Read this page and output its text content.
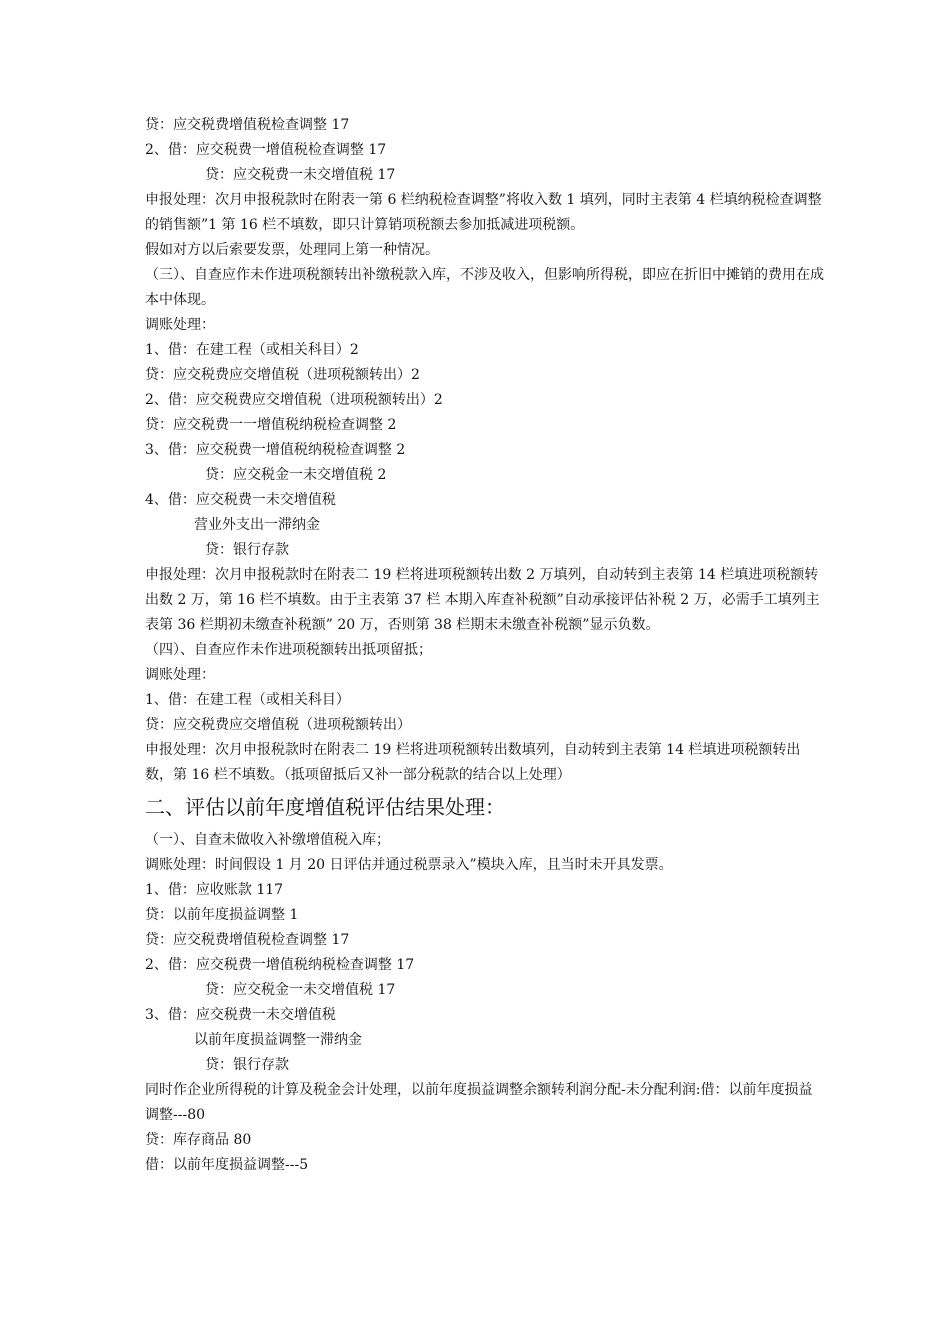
贷：应交税费增值税检查调整 17
2、借：应交税费一增值税检查调整 17
贷：应交税费一未交增值税 17
申报处理：次月申报税款时在附表一第 6 栏纳税检查调整”将收入数 1 填列，同时主表第 4 栏填纳税检查调整的销售额”1 第 16 栏不填数，即只计算销项税额去参加抵减进项税额。
假如对方以后索要发票，处理同上第一种情况。
（三）、自查应作未作进项税额转出补缴税款入库，不涉及收入，但影响所得税，即应在折旧中摊销的费用在成本中体现。
调账处理：
1、借：在建工程（或相关科目）2
贷：应交税费应交增值税（进项税额转出）2
2、借：应交税费应交增值税（进项税额转出）2
贷：应交税费一一增值税纳税检查调整 2
3、借：应交税费一增值税纳税检查调整 2
贷：应交税金一未交增值税 2
4、借：应交税费一未交增值税
营业外支出一滞纳金
贷：银行存款
申报处理：次月申报税款时在附表二 19 栏将进项税额转出数 2 万填列，自动转到主表第 14 栏填进项税额转出数 2 万，第 16 栏不填数。由于主表第 37 栏 本期入库查补税额”自动承接评估补税 2 万，必需手工填列主表第 36 栏期初未缴查补税额” 20 万，否则第 38 栏期末未缴查补税额”显示负数。
（四）、自查应作未作进项税额转出抵项留抵；
调账处理：
1、借：在建工程（或相关科目）
贷：应交税费应交增值税（进项税额转出）
申报处理：次月申报税款时在附表二 19 栏将进项税额转出数填列，自动转到主表第 14 栏填进项税额转出数，第 16 栏不填数。（抵项留抵后又补一部分税款的结合以上处理）
二、评估以前年度增值税评估结果处理：
（一）、自查未做收入补缴增值税入库；
调账处理：时间假设 1 月 20 日评估并通过税票录入”模块入库，且当时未开具发票。
1、借：应收账款 117
贷：以前年度损益调整 1
贷：应交税费增值税检查调整 17
2、借：应交税费一增值税纳税检查调整 17
贷：应交税金一未交增值税 17
3、借：应交税费一未交增值税
以前年度损益调整一滞纳金
贷：银行存款
同时作企业所得税的计算及税金会计处理，以前年度损益调整余额转利润分配-未分配利润:借：以前年度损益调整---80
贷：库存商品 80
借：以前年度损益调整---5
